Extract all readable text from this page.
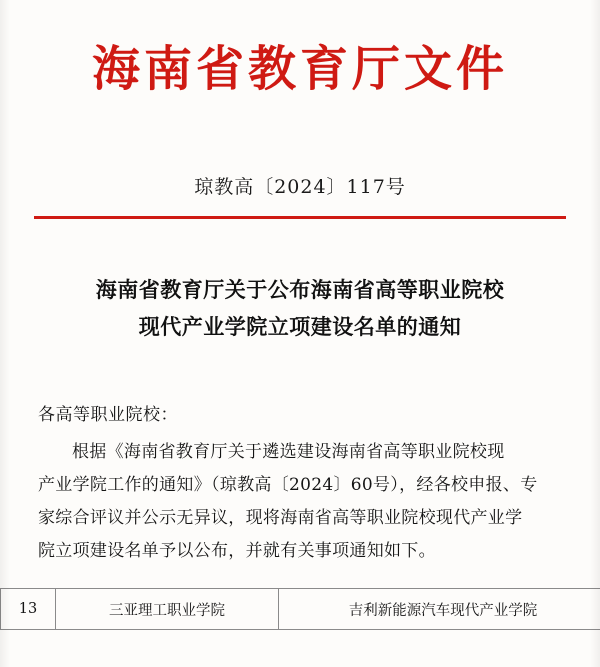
海南省教育厅文件
琼教高〔2024〕117号
海南省教育厅关于公布海南省高等职业院校
现代产业学院立项建设名单的通知
各高等职业院校：

根据《海南省教育厅关于遴选建设海南省高等职业院校现

产业学院工作的通知》（琼教高〔2024〕60号），经各校申报、专

家综合评议并公示无异议，现将海南省高等职业院校现代产业学

院立项建设名单予以公布，并就有关事项通知如下。

13	三亚理工职业学院	吉利新能源汽车现代产业学院
